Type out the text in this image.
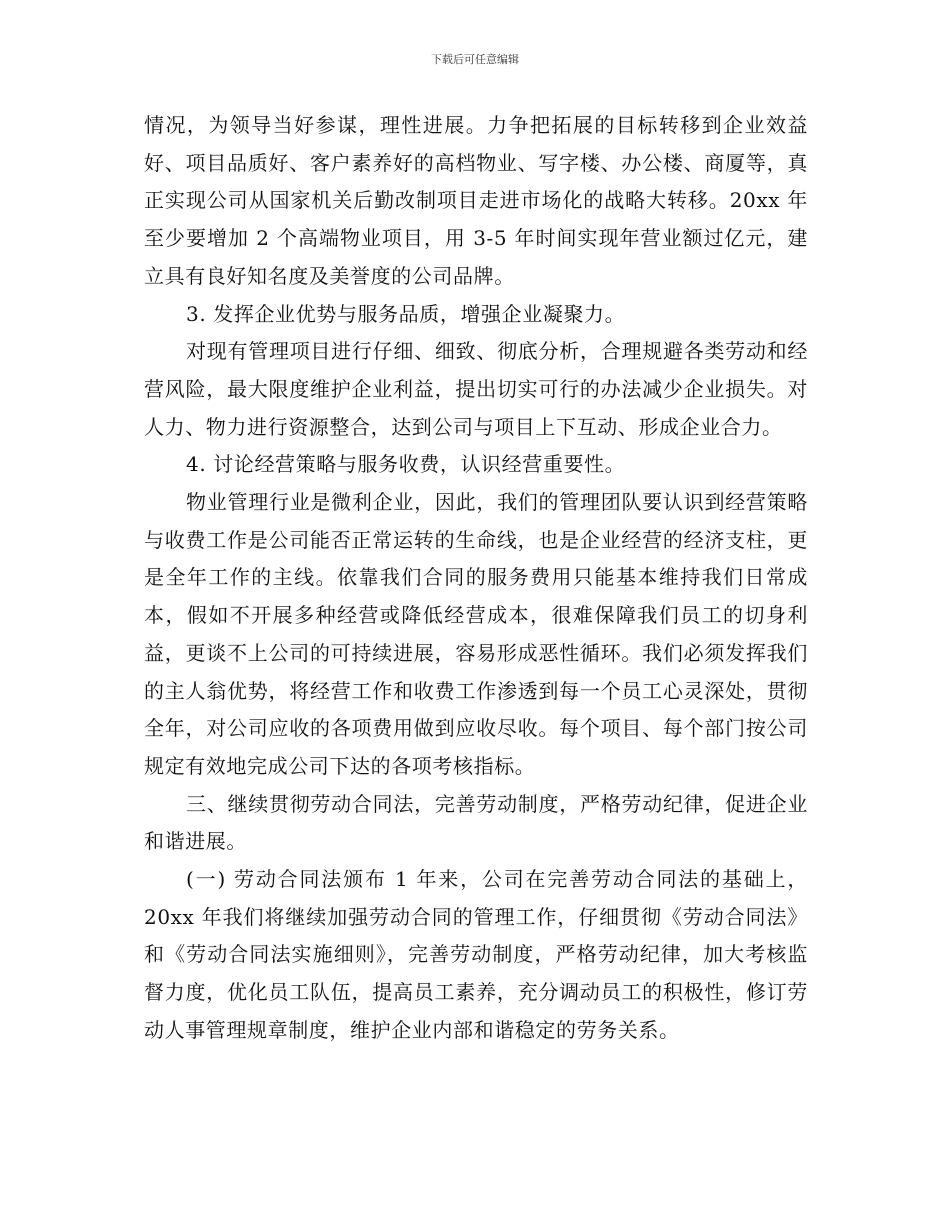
下载后可任意编辑

情况，为领导当好参谋，理性进展。力争把拓展的目标转移到企业效益好、项目品质好、客户素养好的高档物业、写字楼、办公楼、商厦等，真正实现公司从国家机关后勤改制项目走进市场化的战略大转移。20xx 年至少要增加 2 个高端物业项目，用 3-5 年时间实现年营业额过亿元，建立具有良好知名度及美誉度的公司品牌。

3. 发挥企业优势与服务品质，增强企业凝聚力。

对现有管理项目进行仔细、细致、彻底分析，合理规避各类劳动和经营风险，最大限度维护企业利益，提出切实可行的办法减少企业损失。对人力、物力进行资源整合，达到公司与项目上下互动、形成企业合力。

4. 讨论经营策略与服务收费，认识经营重要性。

物业管理行业是微利企业，因此，我们的管理团队要认识到经营策略与收费工作是公司能否正常运转的生命线，也是企业经营的经济支柱，更是全年工作的主线。依靠我们合同的服务费用只能基本维持我们日常成本，假如不开展多种经营或降低经营成本，很难保障我们员工的切身利益，更谈不上公司的可持续进展，容易形成恶性循环。我们必须发挥我们的主人翁优势，将经营工作和收费工作渗透到每一个员工心灵深处，贯彻全年，对公司应收的各项费用做到应收尽收。每个项目、每个部门按公司规定有效地完成公司下达的各项考核指标。

三、继续贯彻劳动合同法，完善劳动制度，严格劳动纪律，促进企业和谐进展。

(一) 劳动合同法颁布 1 年来，公司在完善劳动合同法的基础上，20xx 年我们将继续加强劳动合同的管理工作，仔细贯彻《劳动合同法》和《劳动合同法实施细则》，完善劳动制度，严格劳动纪律，加大考核监督力度，优化员工队伍，提高员工素养，充分调动员工的积极性，修订劳动人事管理规章制度，维护企业内部和谐稳定的劳务关系。
